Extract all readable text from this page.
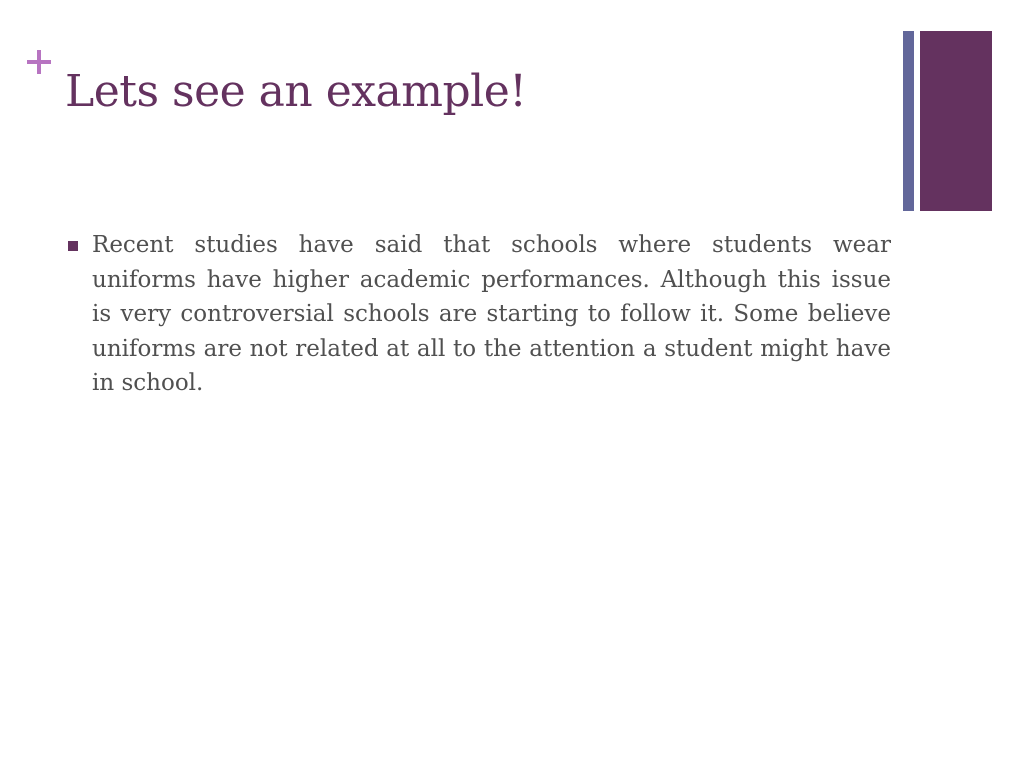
Lets see an example!
Recent studies have said that schools where students wear uniforms have higher academic performances. Although this issue is very controversial schools are starting to follow it. Some believe uniforms are not related at all to the attention a student might have in school.
